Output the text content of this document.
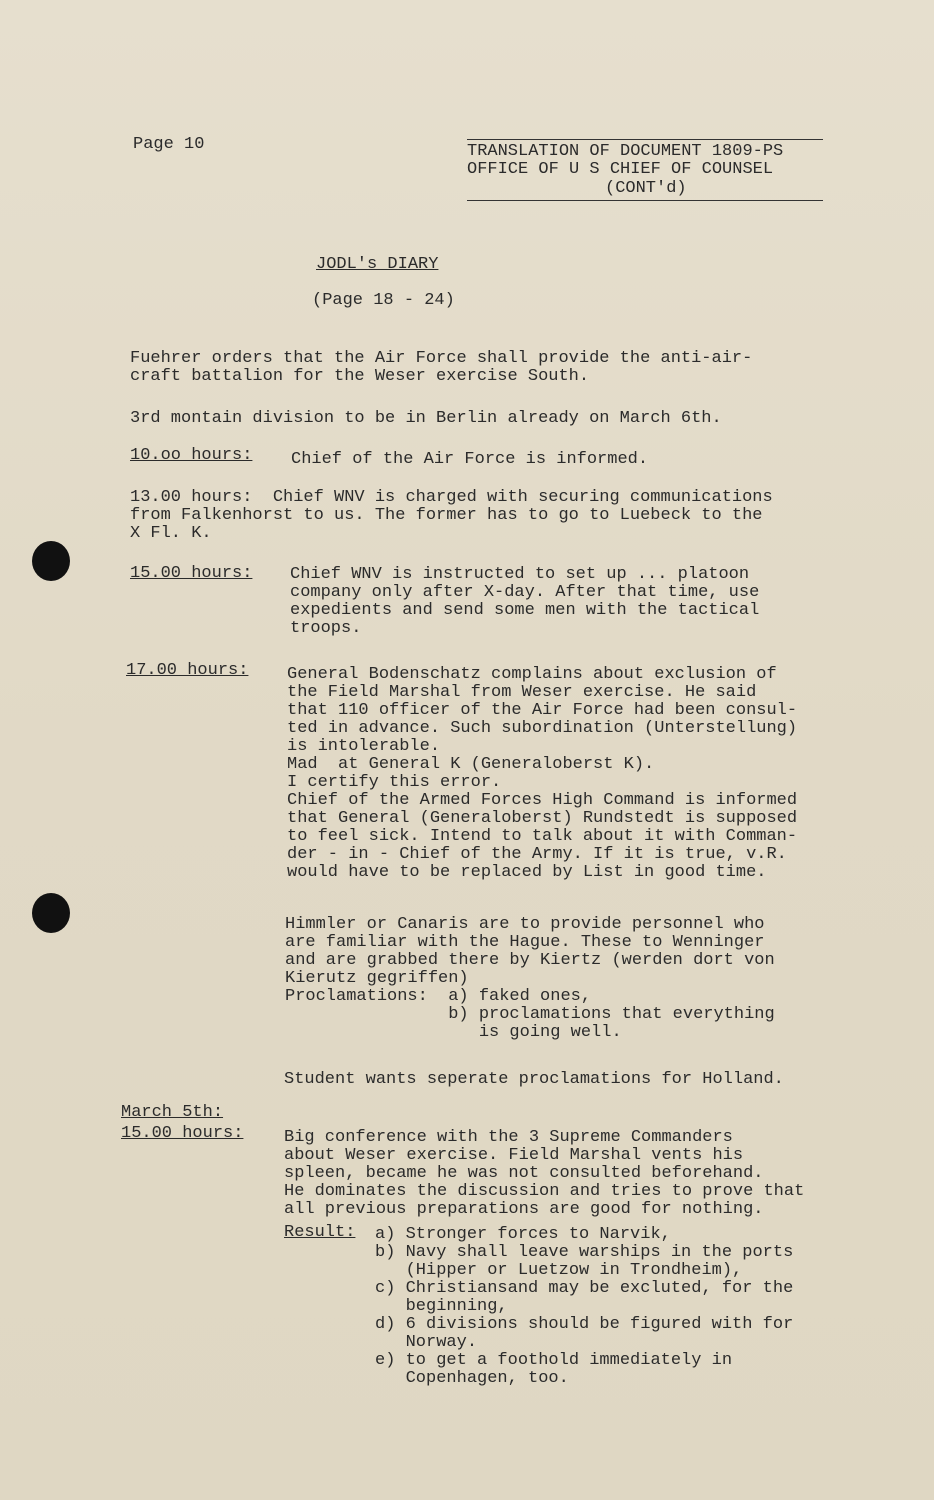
Page 10	TRANSLATION OF DOCUMENT 1809-PS

OFFICE OF U S CHIEF OF COUNSEL

(CONT'd)

JODL's DIARY

(Page 18 - 24)

Fuehrer orders that the Air Force shall provide the anti-air-
craft battalion for the Weser exercise South.

3rd montain division to be in Berlin already on March 6th.

10.oo hours: Chief of the Air Force is informed.

13.00 hours:  Chief WNV is charged with securing communications
from Falkenhorst to us. The former has to go to Luebeck to the
X Fl. K.

15.00 hours: Chief WNV is instructed to set up ... platoon
company only after X-day. After that time, use
expedients and send some men with the tactical
troops.

17.00 hours: General Bodenschatz complains about exclusion of
the Field Marshal from Weser exercise. He said
that 110 officer of the Air Force had been consul-
ted in advance. Such subordination (Unterstellung)
is intolerable.
Mad  at General K (Generaloberst K).
I certify this error.
Chief of the Armed Forces High Command is informed
that General (Generaloberst) Rundstedt is supposed
to feel sick. Intend to talk about it with Comman-
der - in - Chief of the Army. If it is true, v.R.
would have to be replaced by List in good time.

Himmler or Canaris are to provide personnel who
are familiar with the Hague. These to Wenninger
and are grabbed there by Kiertz (werden dort von
Kierutz gegriffen)
Proclamations:  a) faked ones,
b) proclamations that everything
is going well.

Student wants seperate proclamations for Holland.

March 5th:

15.00 hours: Big conference with the 3 Supreme Commanders
about Weser exercise. Field Marshal vents his
spleen, became he was not consulted beforehand.
He dominates the discussion and tries to prove that
all previous preparations are good for nothing.

Result: a) Stronger forces to Narvik,
b) Navy shall leave warships in the ports
(Hipper or Luetzow in Trondheim),
c) Christiansand may be excluted, for the
beginning,
d) 6 divisions should be figured with for
Norway.
e) to get a foothold immediately in
Copenhagen, too.
